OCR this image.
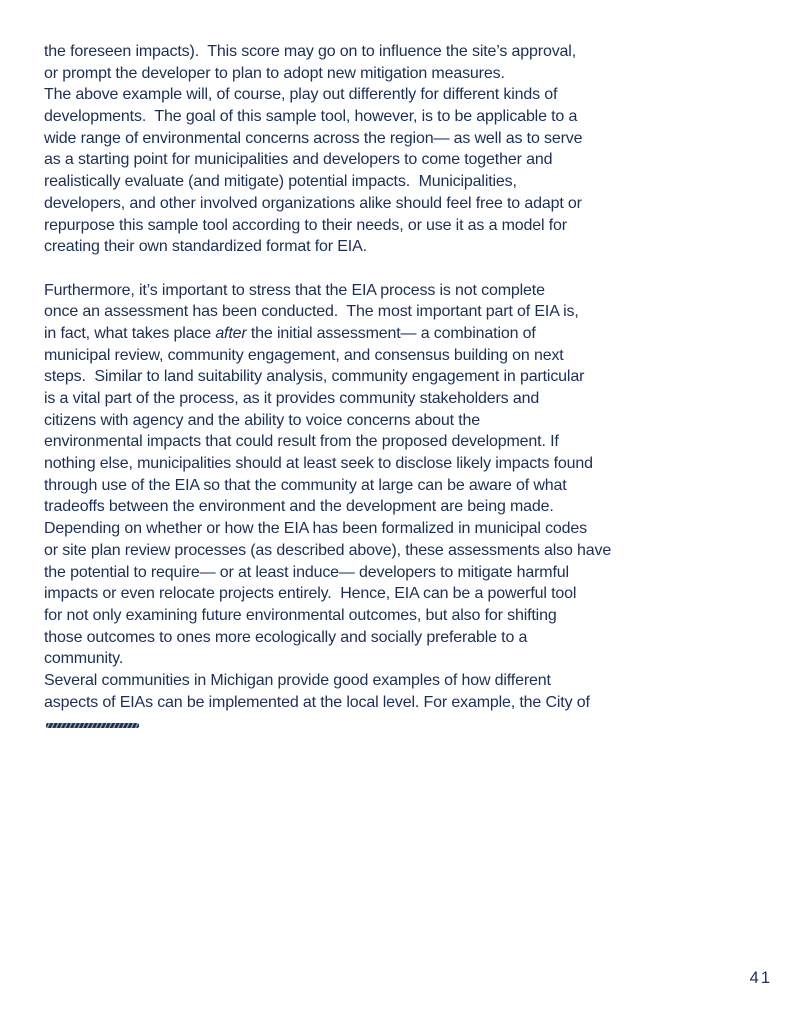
the foreseen impacts).  This score may go on to influence the site’s approval,
or prompt the developer to plan to adopt new mitigation measures.
The above example will, of course, play out differently for different kinds of
developments.  The goal of this sample tool, however, is to be applicable to a
wide range of environmental concerns across the region— as well as to serve
as a starting point for municipalities and developers to come together and
realistically evaluate (and mitigate) potential impacts.  Municipalities,
developers, and other involved organizations alike should feel free to adapt or
repurpose this sample tool according to their needs, or use it as a model for
creating their own standardized format for EIA.
Furthermore, it’s important to stress that the EIA process is not complete
once an assessment has been conducted.  The most important part of EIA is,
in fact, what takes place after the initial assessment— a combination of
municipal review, community engagement, and consensus building on next
steps.  Similar to land suitability analysis, community engagement in particular
is a vital part of the process, as it provides community stakeholders and
citizens with agency and the ability to voice concerns about the
environmental impacts that could result from the proposed development. If
nothing else, municipalities should at least seek to disclose likely impacts found
through use of the EIA so that the community at large can be aware of what
tradeoffs between the environment and the development are being made.
Depending on whether or how the EIA has been formalized in municipal codes
or site plan review processes (as described above), these assessments also have
the potential to require— or at least induce— developers to mitigate harmful
impacts or even relocate projects entirely.  Hence, EIA can be a powerful tool
for not only examining future environmental outcomes, but also for shifting
those outcomes to ones more ecologically and socially preferable to a
community.
Several communities in Michigan provide good examples of how different
aspects of EIAs can be implemented at the local level. For example, the City of
41
